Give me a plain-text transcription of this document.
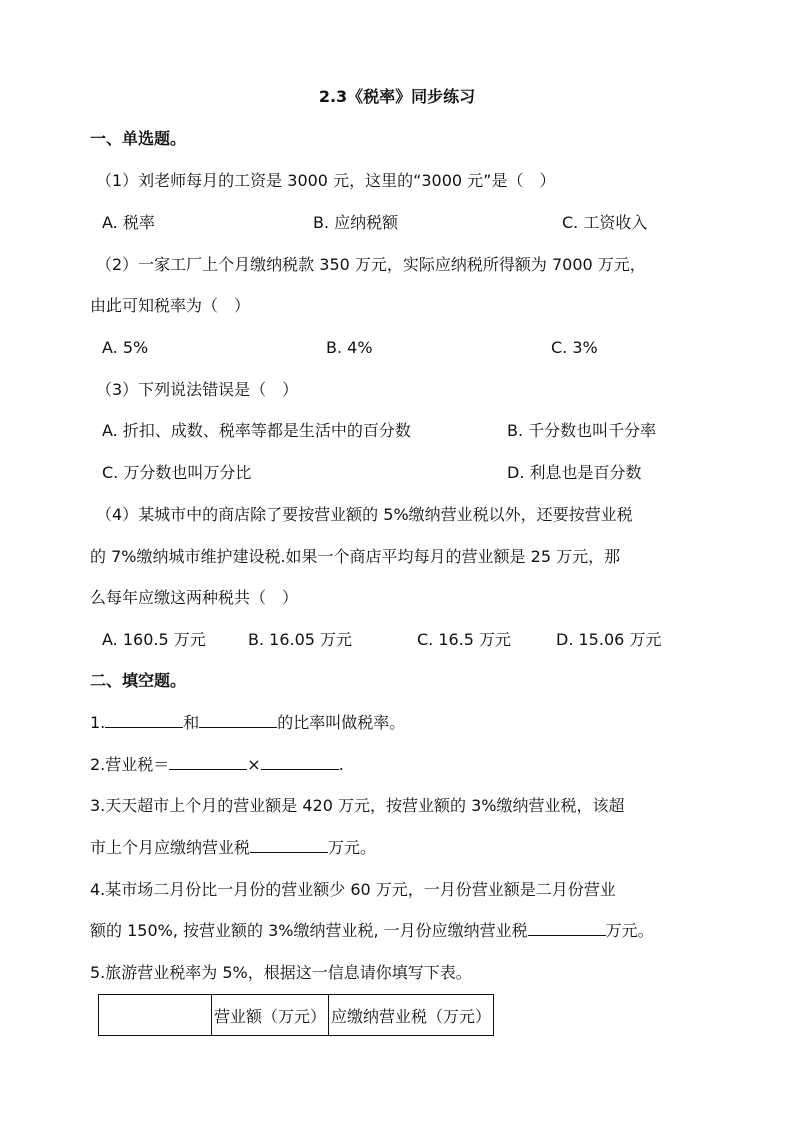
2.3《税率》同步练习
一、单选题。
（1）刘老师每月的工资是 3000 元，这里的“3000 元”是（　）
A. 税率	B. 应纳税额	C. 工资收入
（2）一家工厂上个月缴纳税款 350 万元，实际应纳税所得额为 7000 万元，
由此可知税率为（　）
A. 5%	B. 4%	C. 3%
（3）下列说法错误是（　）
A. 折扣、成数、税率等都是生活中的百分数	B. 千分数也叫千分率
C. 万分数也叫万分比	D. 利息也是百分数
（4）某城市中的商店除了要按营业额的 5%缴纳营业税以外，还要按营业税
的 7%缴纳城市维护建设税.如果一个商店平均每月的营业额是 25 万元，那
么每年应缴这两种税共（　）
A. 160.5 万元	B. 16.05 万元	C. 16.5 万元	D. 15.06 万元
二、填空题。
1.	和	的比率叫做税率。
2.营业税＝	×	.
3.天天超市上个月的营业额是 420 万元，按营业额的 3%缴纳营业税，该超
市上个月应缴纳营业税	万元。
4.某市场二月份比一月份的营业额少 60 万元，一月份营业额是二月份营业
额的 150%, 按营业额的 3%缴纳营业税, 一月份应缴纳营业税	万元。
5.旅游营业税率为 5%，根据这一信息请你填写下表。
	营业额（万元）	应缴纳营业税（万元）
